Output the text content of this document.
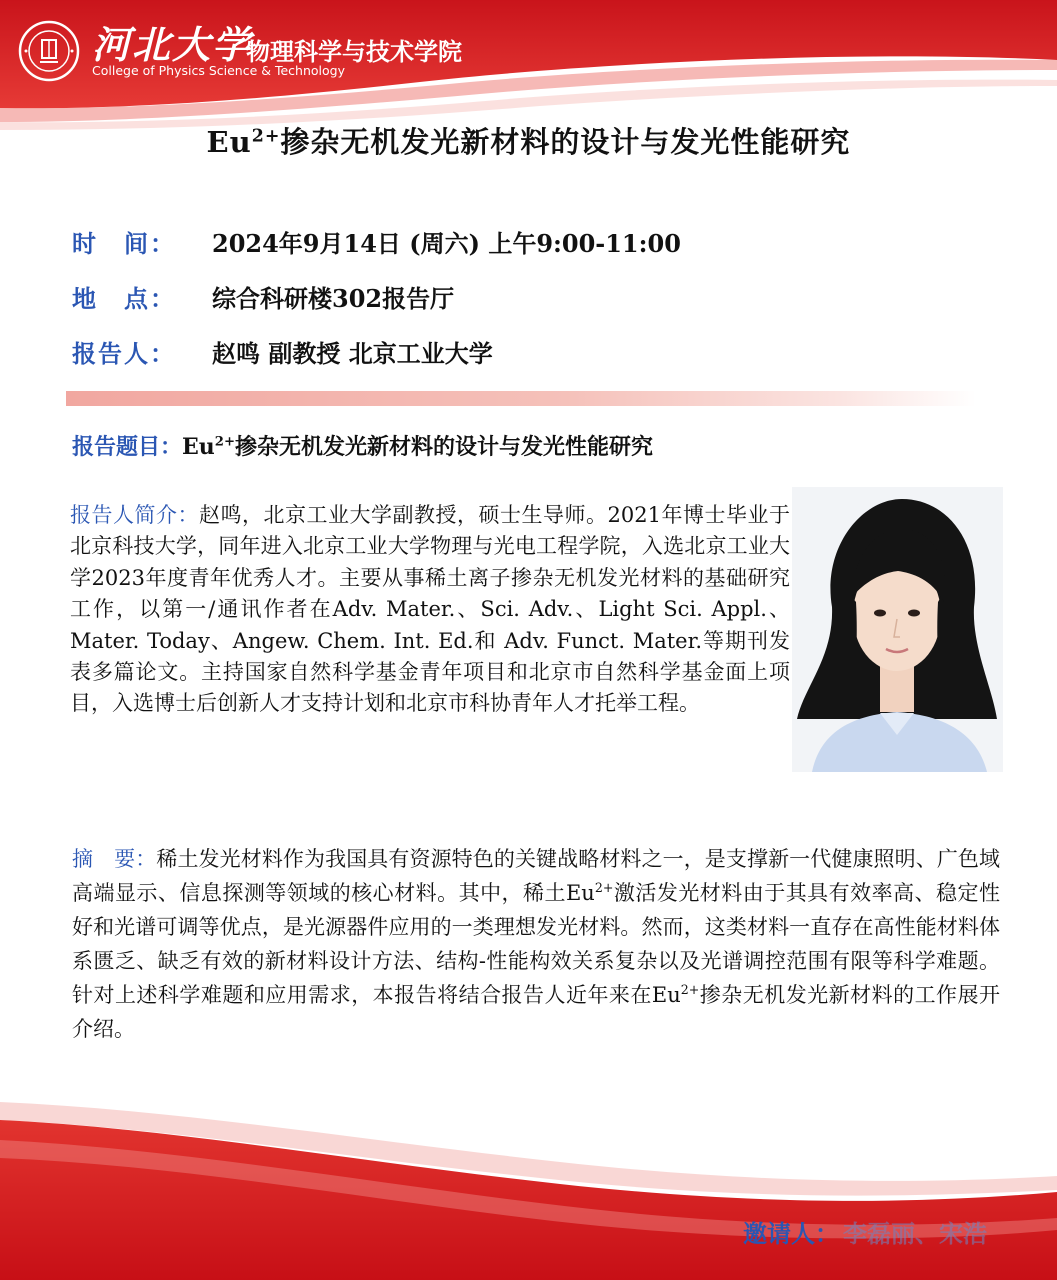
河北大学
物理科学与技术学院
College of Physics Science & Technology
$Eu^{2+}$掺杂无机发光新材料的设计与发光性能研究
时　间： 2024年9月14日 (周六) 上午9:00-11:00
地　点： 综合科研楼302报告厅
报告人： 赵鸣 副教授 北京工业大学
报告题目：$Eu^{2+}$掺杂无机发光新材料的设计与发光性能研究
报告人简介：赵鸣，北京工业大学副教授，硕士生导师。2021年博士毕业于北京科技大学，同年进入北京工业大学物理与光电工程学院，入选北京工业大学2023年度青年优秀人才。主要从事稀土离子掺杂无机发光材料的基础研究工作，以第一/通讯作者在Adv. Mater.、Sci. Adv.、Light Sci. Appl.、Mater. Today、Angew. Chem. Int. Ed.和 Adv. Funct. Mater.等期刊发表多篇论文。主持国家自然科学基金青年项目和北京市自然科学基金面上项目，入选博士后创新人才支持计划和北京市科协青年人才托举工程。
摘　要：稀土发光材料作为我国具有资源特色的关键战略材料之一，是支撑新一代健康照明、广色域高端显示、信息探测等领域的核心材料。其中，稀土$Eu^{2+}$激活发光材料由于其具有效率高、稳定性好和光谱可调等优点，是光源器件应用的一类理想发光材料。然而，这类材料一直存在高性能材料体系匮乏、缺乏有效的新材料设计方法、结构-性能构效关系复杂以及光谱调控范围有限等科学难题。针对上述科学难题和应用需求，本报告将结合报告人近年来在$Eu^{2+}$掺杂无机发光新材料的工作展开介绍。
邀请人： 李磊丽、宋浩
